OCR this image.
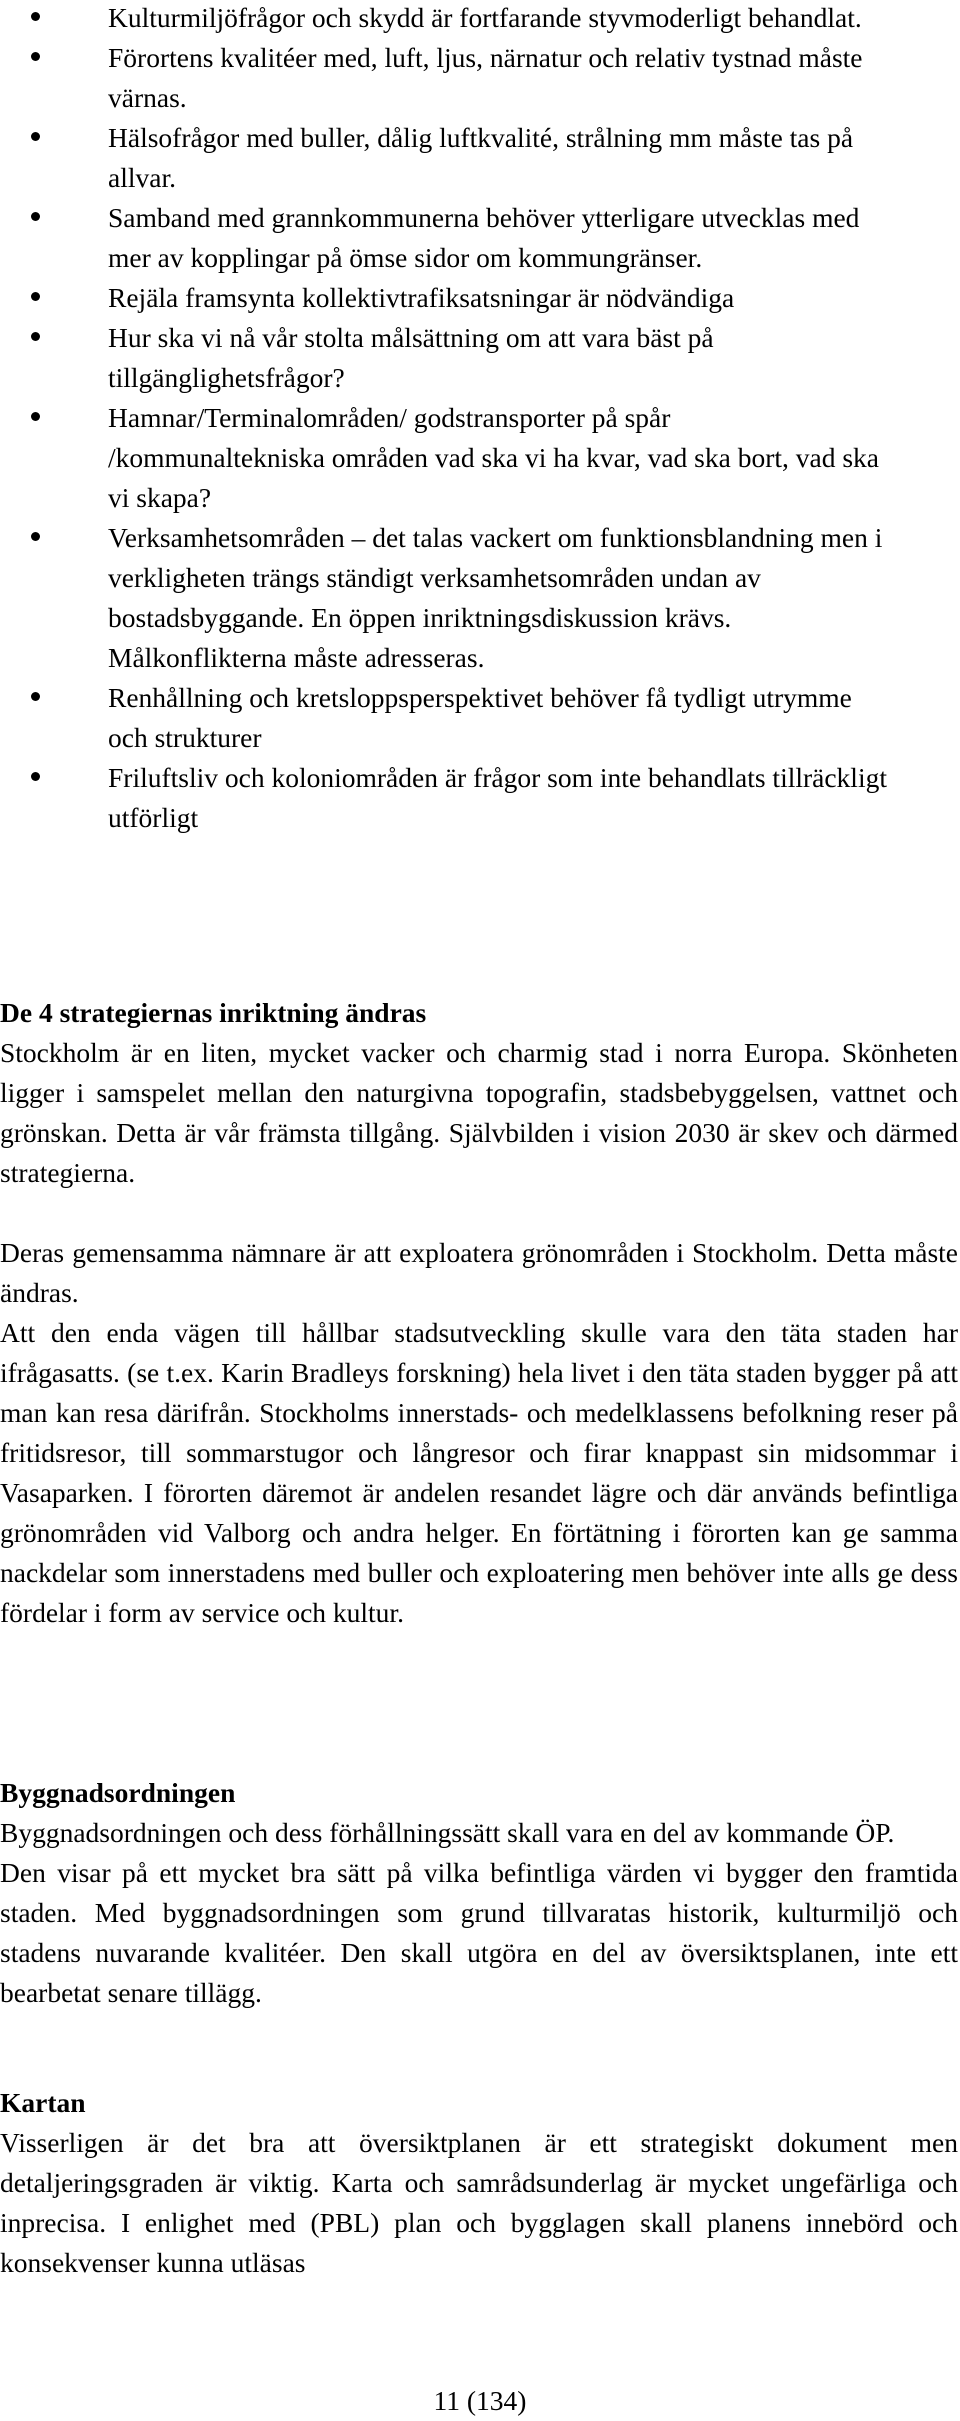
Kulturmiljöfrågor och skydd är fortfarande styvmoderligt behandlat.
Förortens kvalitéer med, luft, ljus, närnatur och relativ tystnad måste värnas.
Hälsofrågor med buller, dålig luftkvalité, strålning mm måste tas på allvar.
Samband med grannkommunerna behöver ytterligare utvecklas med mer av kopplingar på ömse sidor om kommungränser.
Rejäla framsynta kollektivtrafiksatsningar är nödvändiga
Hur ska vi nå vår stolta målsättning om att vara bäst på tillgänglighetsfrågor?
Hamnar/Terminalområden/ godstransporter på spår /kommunaltekniska områden vad ska vi ha kvar, vad ska bort, vad ska vi skapa?
Verksamhetsområden – det talas vackert om funktionsblandning men i verkligheten trängs ständigt verksamhetsområden undan av bostadsbyggande. En öppen inriktningsdiskussion krävs. Målkonflikterna måste adresseras.
Renhållning och kretsloppsperspektivet behöver få tydligt utrymme och strukturer
Friluftsliv och koloniområden är frågor som inte behandlats tillräckligt utförligt
De 4 strategiernas inriktning ändras

Stockholm är en liten, mycket vacker och charmig stad i norra Europa. Skönheten ligger i samspelet mellan den naturgivna topografin, stadsbebyggelsen, vattnet och grönskan. Detta är vår främsta tillgång. Självbilden i vision 2030 är skev och därmed strategierna.

Deras gemensamma nämnare är att exploatera grönområden i Stockholm. Detta måste ändras.

Att den enda vägen till hållbar stadsutveckling skulle vara den täta staden har ifrågasatts. (se t.ex. Karin Bradleys forskning) hela livet i den täta staden bygger på att man kan resa därifrån. Stockholms innerstads- och medelklassens befolkning reser på fritidsresor, till sommarstugor och långresor och firar knappast sin midsommar i Vasaparken. I förorten däremot är andelen resandet lägre och där används befintliga grönområden vid Valborg och andra helger. En förtätning i förorten kan ge samma nackdelar som innerstadens med buller och exploatering men behöver inte alls ge dess fördelar i form av service och kultur.

Byggnadsordningen

Byggnadsordningen och dess förhållningssätt skall vara en del av kommande ÖP.

Den visar på ett mycket bra sätt på vilka befintliga värden vi bygger den framtida staden. Med byggnadsordningen som grund tillvaratas historik, kulturmiljö och stadens nuvarande kvalitéer. Den skall utgöra en del av översiktsplanen, inte ett bearbetat senare tillägg.

Kartan

Visserligen är det bra att översiktplanen är ett strategiskt dokument men detaljeringsgraden är viktig. Karta och samrådsunderlag är mycket ungefärliga och inprecisa. I enlighet med (PBL) plan och bygglagen skall planens innebörd och konsekvenser kunna utläsas

11 (134)
